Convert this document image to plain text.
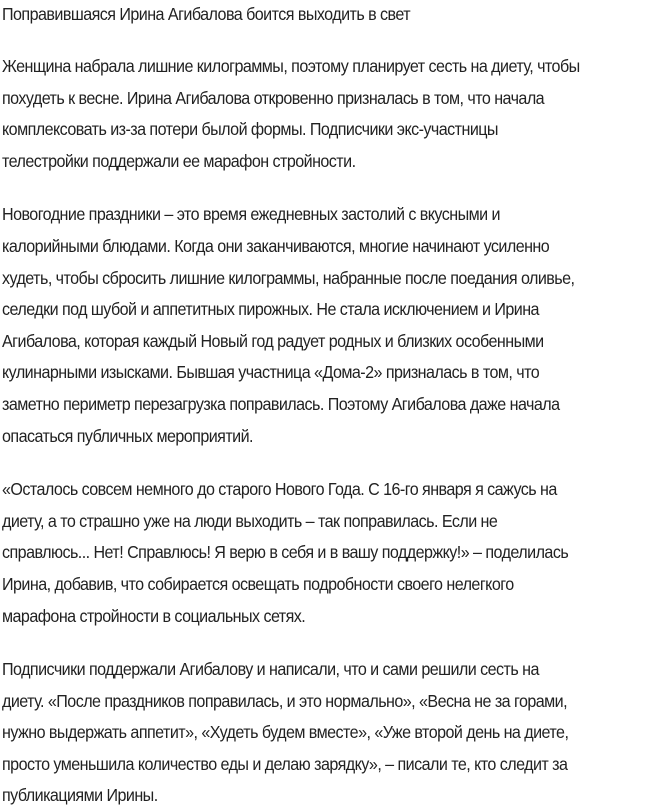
Поправившаяся Ирина Агибалова боится выходить в свет
Женщина набрала лишние килограммы, поэтому планирует сесть на диету, чтобы
похудеть к весне. Ирина Агибалова откровенно призналась в том, что начала
комплексовать из-за потери былой формы. Подписчики экс-участницы
телестройки поддержали ее марафон стройности.
Новогодние праздники – это время ежедневных застолий с вкусными и
калорийными блюдами. Когда они заканчиваются, многие начинают усиленно
худеть, чтобы сбросить лишние килограммы, набранные после поедания оливье,
селедки под шубой и аппетитных пирожных. Не стала исключением и Ирина
Агибалова, которая каждый Новый год радует родных и близких особенными
кулинарными изысками. Бывшая участница «Дома-2» призналась в том, что
заметно периметр перезагрузка поправилась. Поэтому Агибалова даже начала
опасаться публичных мероприятий.
«Осталось совсем немного до старого Нового Года. С 16-го января я сажусь на
диету, а то страшно уже на люди выходить – так поправилась. Если не
справлюсь... Нет! Справлюсь! Я верю в себя и в вашу поддержку!» – поделилась
Ирина, добавив, что собирается освещать подробности своего нелегкого
марафона стройности в социальных сетях.
Подписчики поддержали Агибалову и написали, что и сами решили сесть на
диету. «После праздников поправилась, и это нормально», «Весна не за горами,
нужно выдержать аппетит», «Худеть будем вместе», «Уже второй день на диете,
просто уменьшила количество еды и делаю зарядку», – писали те, кто следит за
публикациями Ирины.
